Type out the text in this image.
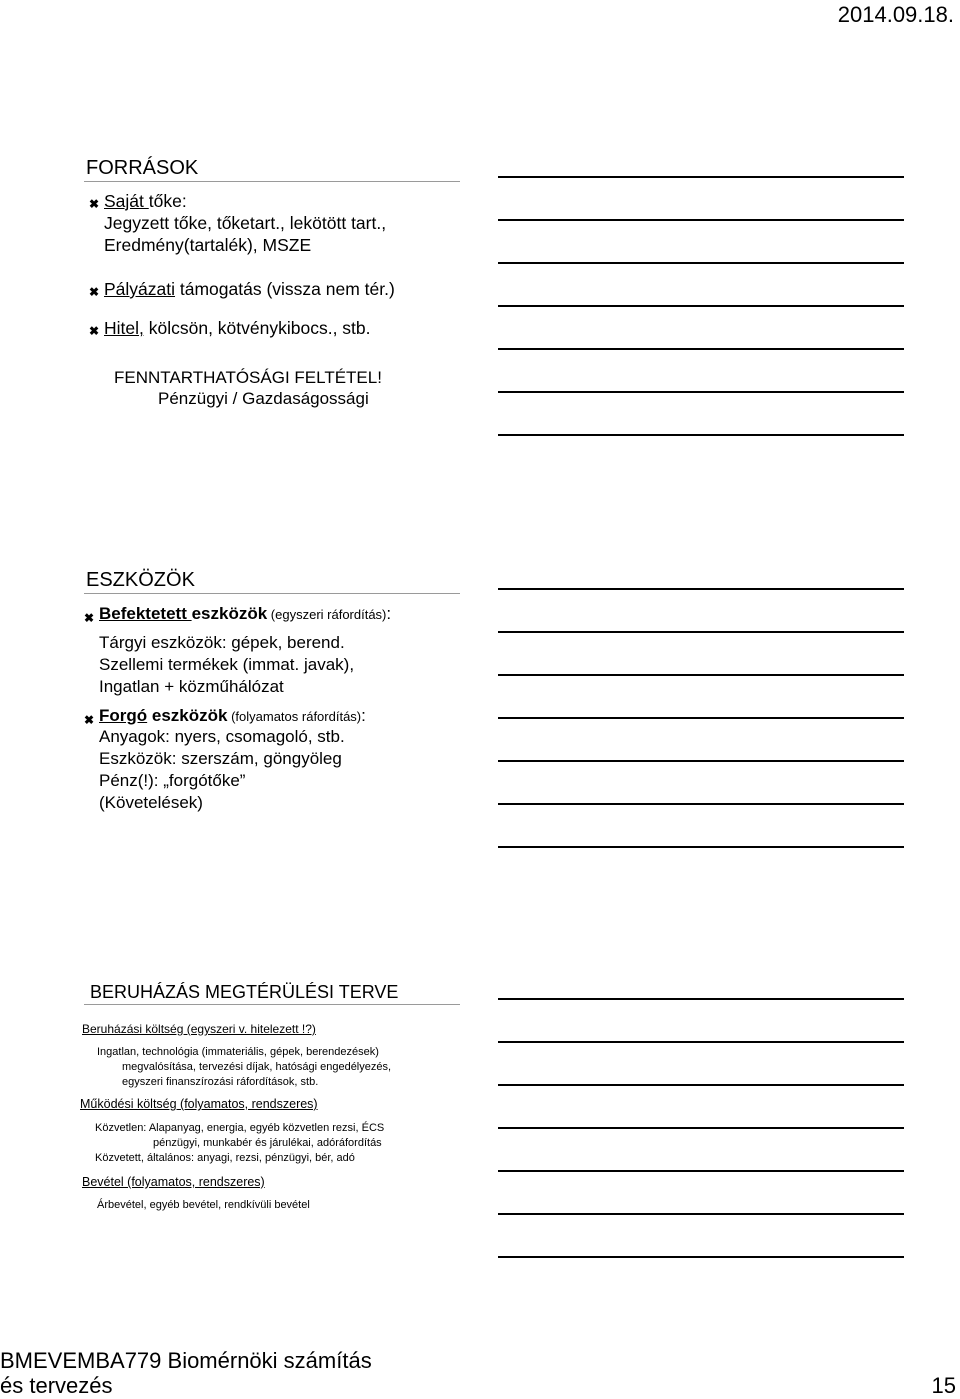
2014.09.18.
FORRÁSOK
✖ Saját tőke:
Jegyzett tőke, tőketart., lekötött tart.,
Eredmény(tartalék), MSZE
✖ Pályázati támogatás (vissza nem tér.)
✖ Hitel, kölcsön, kötvénykibocs., stb.
FENNTARTHATÓSÁGI FELTÉTEL!
Pénzügyi / Gazdaságossági
ESZKÖZÖK
✖ Befektetett eszközök (egyszeri ráfordítás):
Tárgyi eszközök: gépek, berend.
Szellemi termékek (immat. javak),
Ingatlan + közműhálózat
✖ Forgó eszközök (folyamatos ráfordítás):
Anyagok: nyers, csomagoló, stb.
Eszközök: szerszám, göngyöleg
Pénz(!): „forgótőke”
(Követelések)
BERUHÁZÁS MEGTÉRÜLÉSI TERVE
Beruházási költség (egyszeri v. hitelezett !?)
Ingatlan, technológia (immateriális, gépek, berendezések)
megvalósítása, tervezési díjak, hatósági engedélyezés,
egyszeri finanszírozási ráfordítások, stb.
Működési költség (folyamatos, rendszeres)
Közvetlen: Alapanyag, energia, egyéb közvetlen rezsi, ÉCS
pénzügyi, munkabér és járulékai, adóráfordítás
Közvetett, általános: anyagi, rezsi, pénzügyi, bér, adó
Bevétel (folyamatos, rendszeres)
Árbevétel, egyéb bevétel, rendkívüli bevétel
BMEVEMBA779 Biomérnöki számítás
és tervezés	15
